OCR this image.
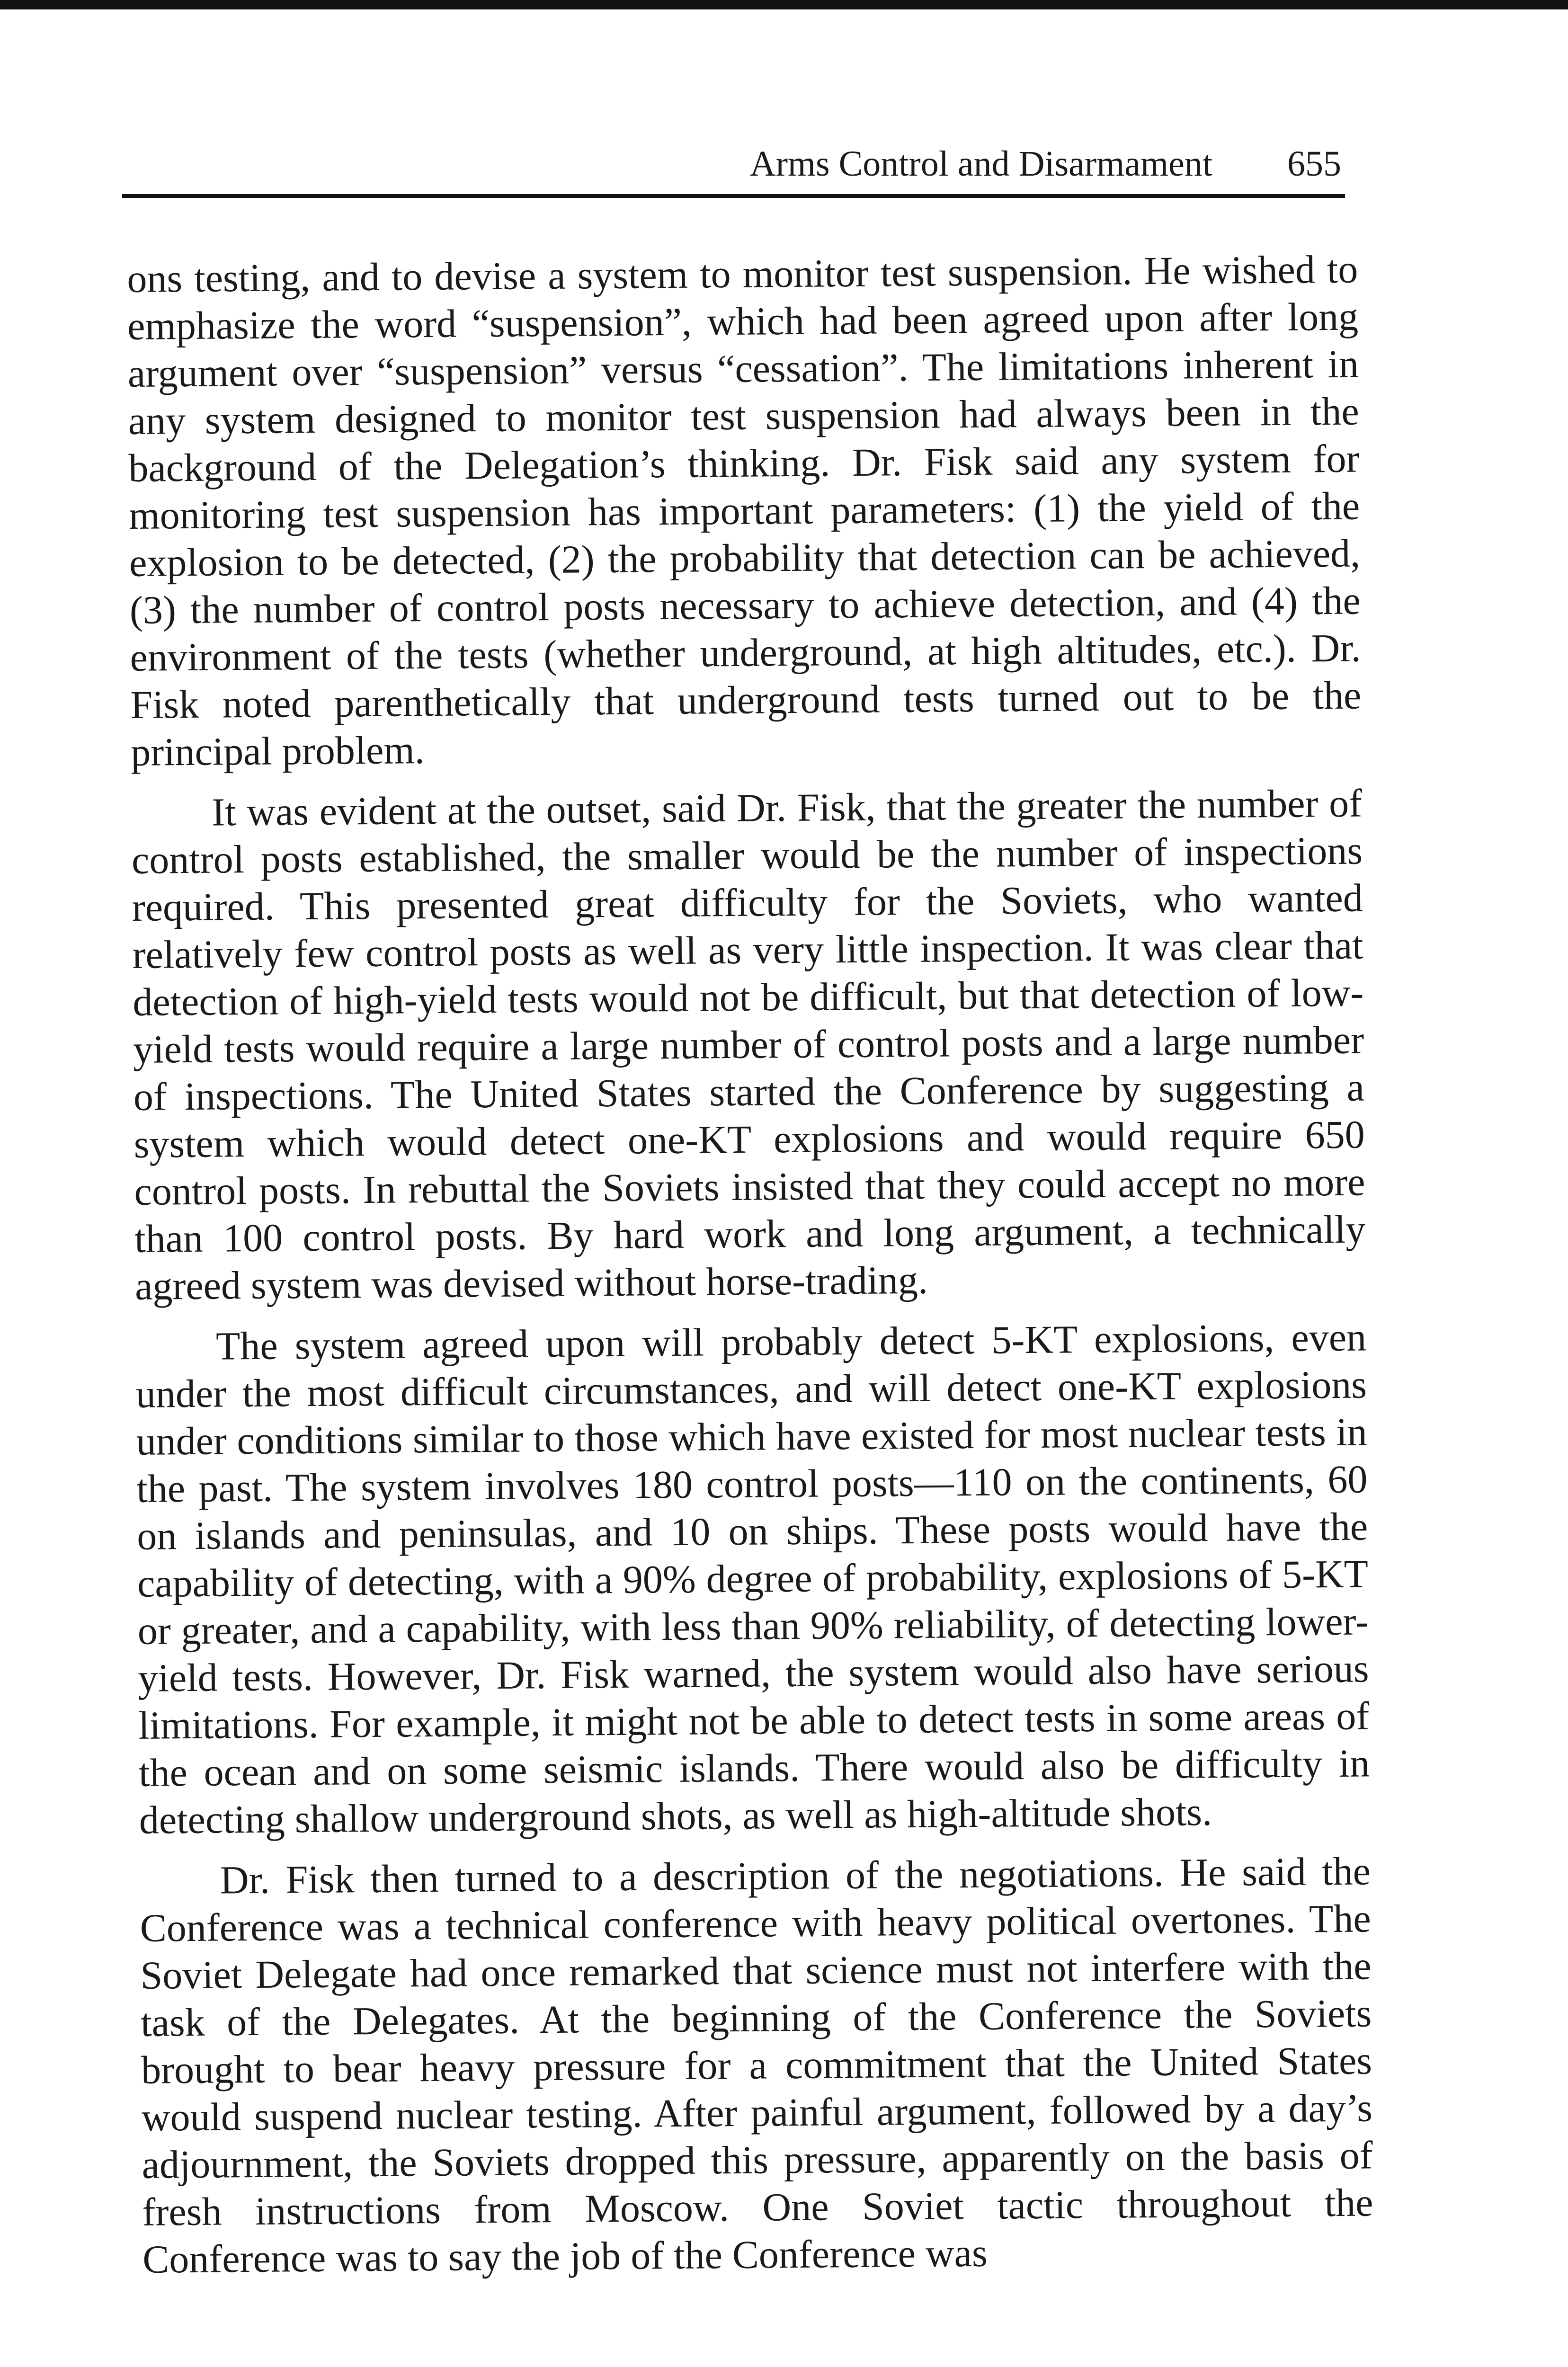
Arms Control and Disarmament 655

ons testing, and to devise a system to monitor test suspension. He wished to emphasize the word “suspension”, which had been agreed upon after long argument over “suspension” versus “cessation”. The limitations inherent in any system designed to monitor test suspension had always been in the background of the Delegation’s thinking. Dr. Fisk said any system for monitoring test suspension has important parameters: (1) the yield of the explosion to be detected, (2) the probability that detection can be achieved, (3) the number of control posts necessary to achieve detection, and (4) the environment of the tests (whether underground, at high altitudes, etc.). Dr. Fisk noted parenthetically that underground tests turned out to be the principal problem.

It was evident at the outset, said Dr. Fisk, that the greater the number of control posts established, the smaller would be the number of inspections required. This presented great difficulty for the Soviets, who wanted relatively few control posts as well as very little inspection. It was clear that detection of high-yield tests would not be difficult, but that detection of low-yield tests would require a large number of control posts and a large number of inspections. The United States started the Conference by suggesting a system which would detect one-KT explosions and would require 650 control posts. In rebuttal the Soviets insisted that they could accept no more than 100 control posts. By hard work and long argument, a technically agreed system was devised without horse-trading.

The system agreed upon will probably detect 5-KT explosions, even under the most difficult circumstances, and will detect one-KT explosions under conditions similar to those which have existed for most nuclear tests in the past. The system involves 180 control posts—110 on the continents, 60 on islands and peninsulas, and 10 on ships. These posts would have the capability of detecting, with a 90% degree of probability, explosions of 5-KT or greater, and a capability, with less than 90% reliability, of detecting lower-yield tests. However, Dr. Fisk warned, the system would also have serious limitations. For example, it might not be able to detect tests in some areas of the ocean and on some seismic islands. There would also be difficulty in detecting shallow underground shots, as well as high-altitude shots.

Dr. Fisk then turned to a description of the negotiations. He said the Conference was a technical conference with heavy political overtones. The Soviet Delegate had once remarked that science must not interfere with the task of the Delegates. At the beginning of the Conference the Soviets brought to bear heavy pressure for a commitment that the United States would suspend nuclear testing. After painful argument, followed by a day’s adjournment, the Soviets dropped this pressure, apparently on the basis of fresh instructions from Moscow. One Soviet tactic throughout the Conference was to say the job of the Conference was
